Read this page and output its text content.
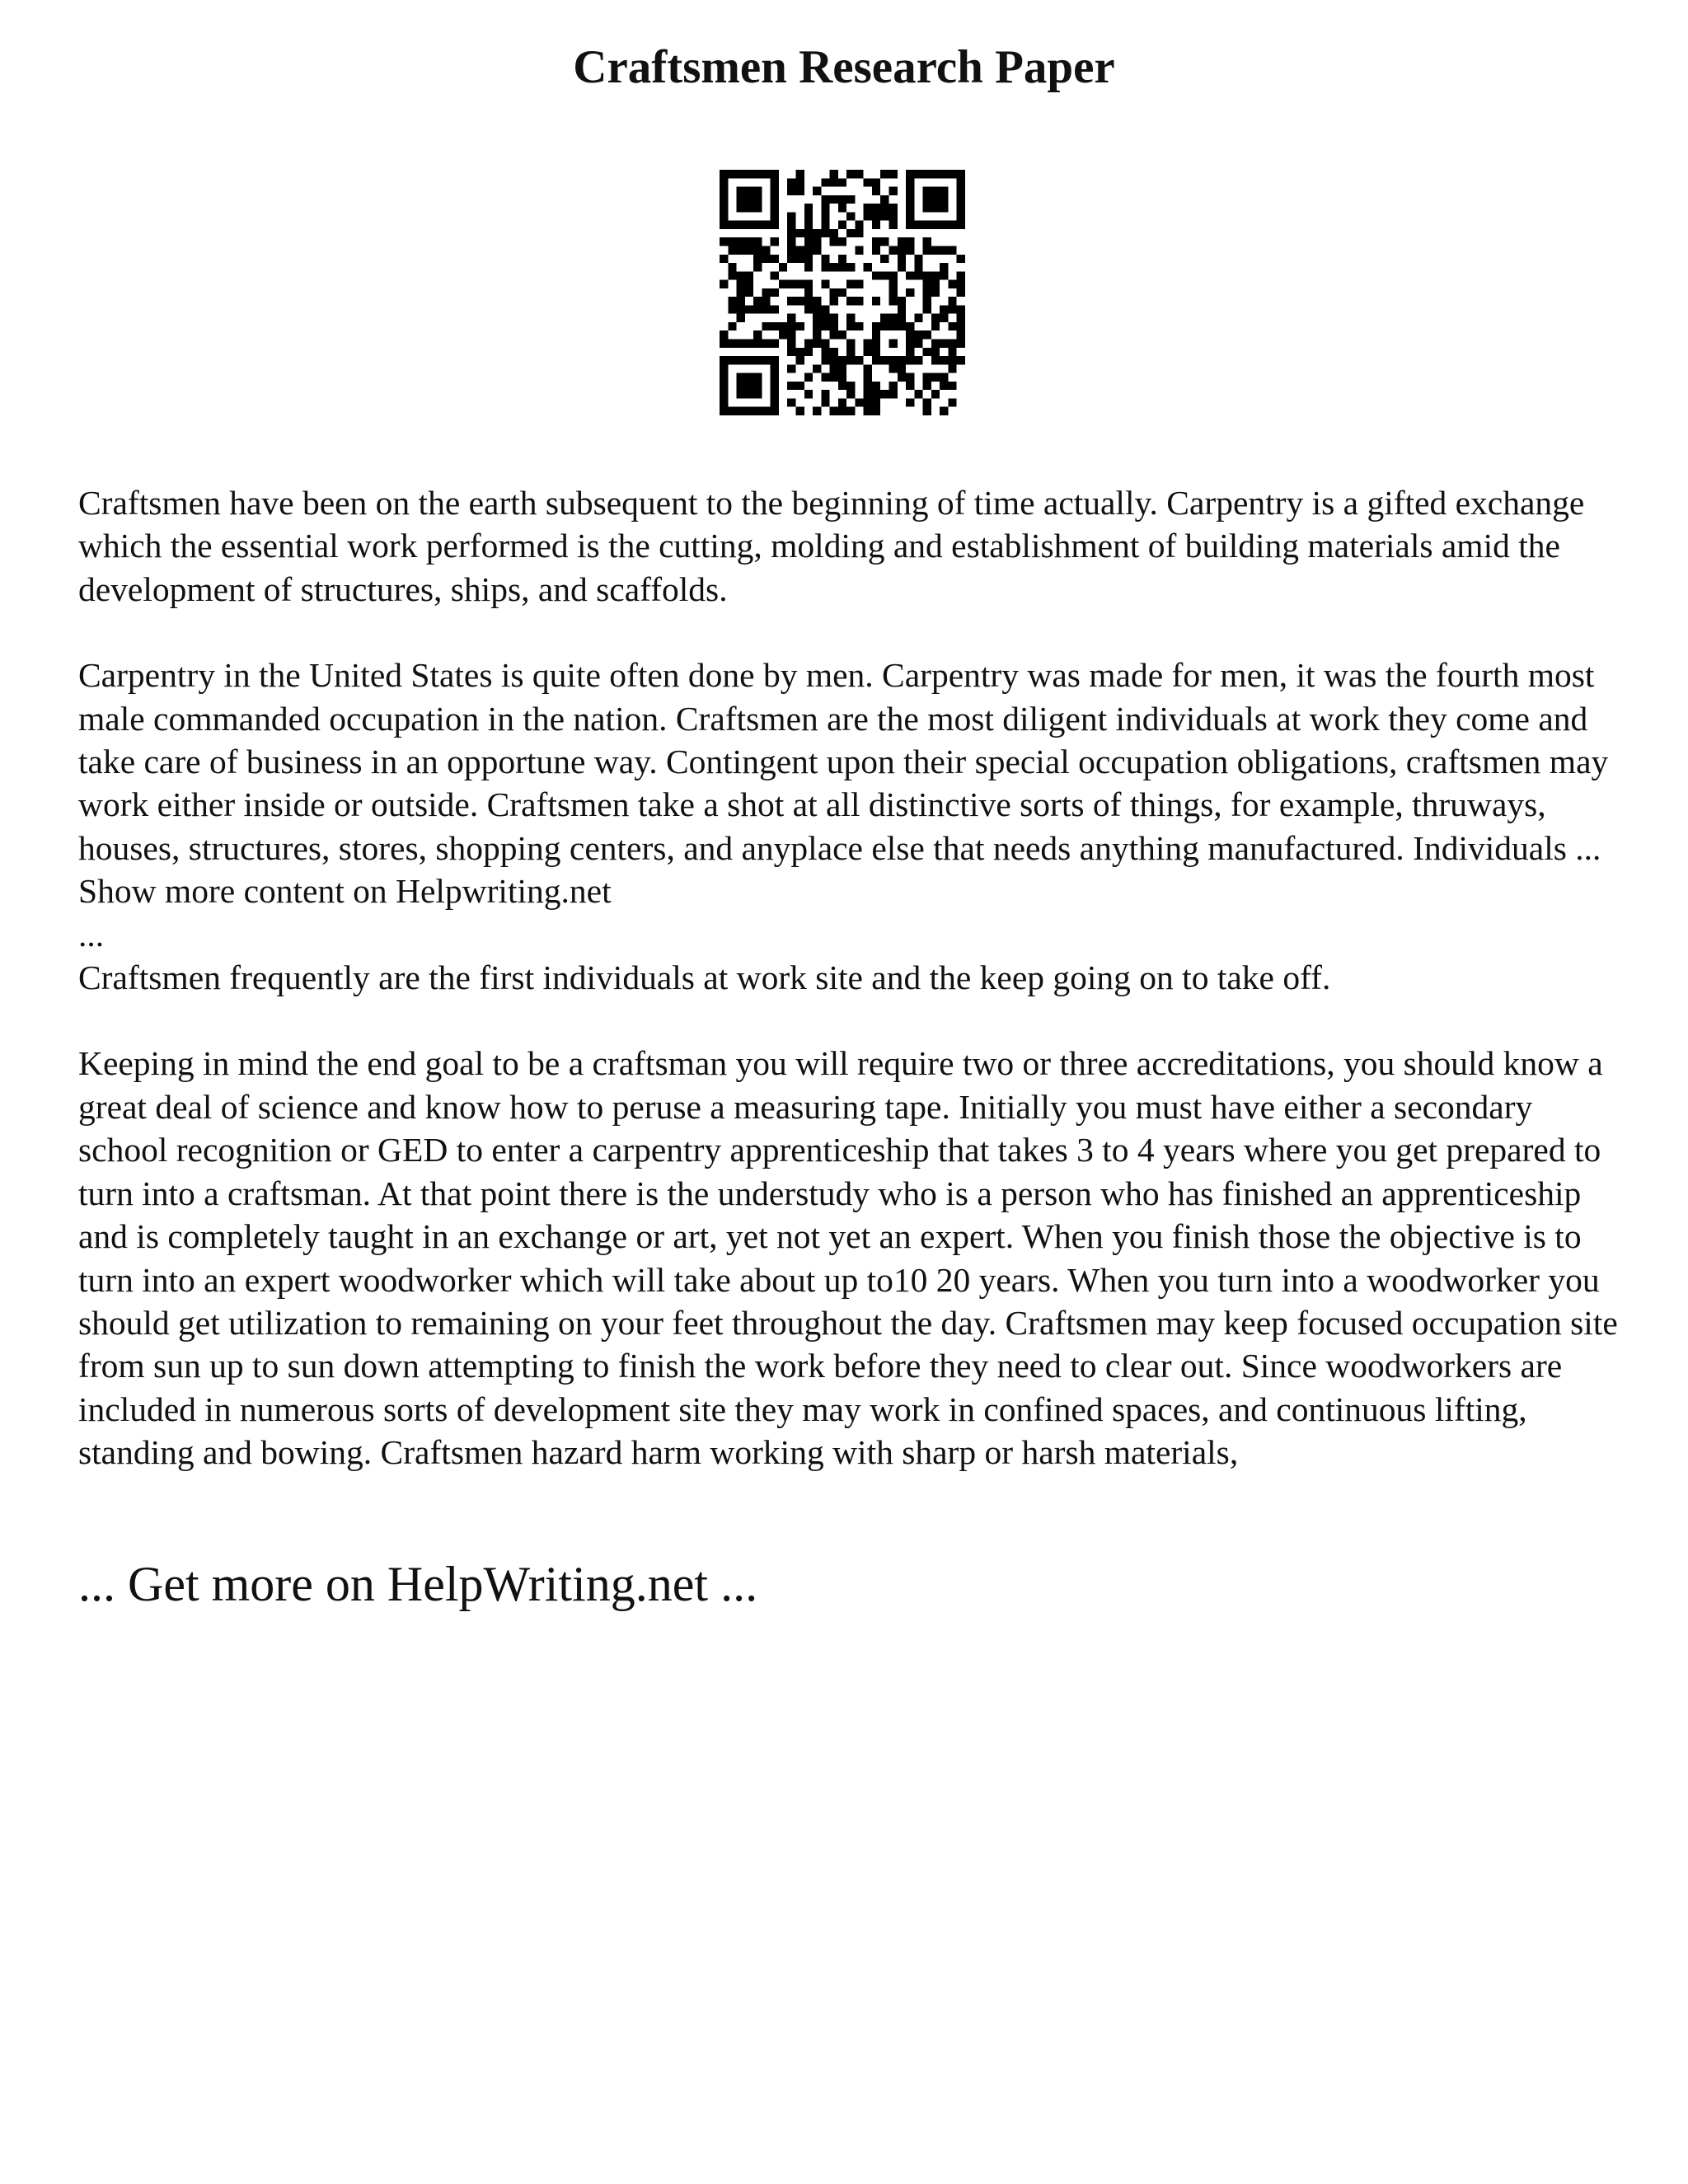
Craftsmen Research Paper

Craftsmen have been on the earth subsequent to the beginning of time actually. Carpentry is a gifted exchange which the essential work performed is the cutting, molding and establishment of building materials amid the development of structures, ships, and scaffolds.

Carpentry in the United States is quite often done by men. Carpentry was made for men, it was the fourth most male commanded occupation in the nation. Craftsmen are the most diligent individuals at work they come and take care of business in an opportune way. Contingent upon their special occupation obligations, craftsmen may work either inside or outside. Craftsmen take a shot at all distinctive sorts of things, for example, thruways, houses, structures, stores, shopping centers, and anyplace else that needs anything manufactured. Individuals ... Show more content on Helpwriting.net

...

Craftsmen frequently are the first individuals at work site and the keep going on to take off.

Keeping in mind the end goal to be a craftsman you will require two or three accreditations, you should know a great deal of science and know how to peruse a measuring tape. Initially you must have either a secondary school recognition or GED to enter a carpentry apprenticeship that takes 3 to 4 years where you get prepared to turn into a craftsman. At that point there is the understudy who is a person who has finished an apprenticeship and is completely taught in an exchange or art, yet not yet an expert. When you finish those the objective is to turn into an expert woodworker which will take about up to10 20 years. When you turn into a woodworker you should get utilization to remaining on your feet throughout the day. Craftsmen may keep focused occupation site from sun up to sun down attempting to finish the work before they need to clear out. Since woodworkers are included in numerous sorts of development site they may work in confined spaces, and continuous lifting, standing and bowing. Craftsmen hazard harm working with sharp or harsh materials,

... Get more on HelpWriting.net ...
